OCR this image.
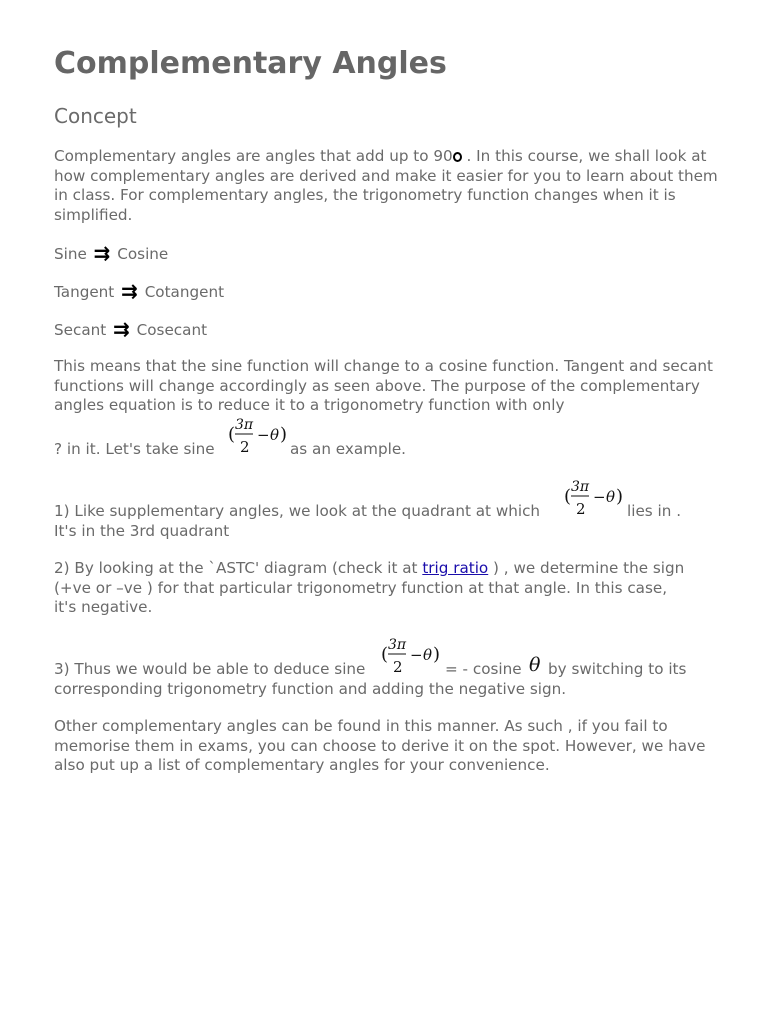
Complementary Angles
Concept

Complementary angles are angles that add up to 90 . In this course, we shall look at how complementary angles are derived and make it easier for you to learn about them in class. For complementary angles, the trigonometry function changes when it is simplified.

Sine ⇉ Cosine
Tangent ⇉ Cotangent
Secant ⇉ Cosecant

This means that the sine function will change to a cosine function. Tangent and secant functions will change accordingly as seen above. The purpose of the complementary angles equation is to reduce it to a trigonometry function with only

? in it. Let's take sine
( 3π
2
− θ )
as an example.
1) Like supplementary angles, we look at the quadrant at which
( 3π
2
− θ )
lies in .
It's in the 3rd quadrant
2) By looking at the `ASTC' diagram (check it at trig ratio ) , we determine the sign
(+ve or –ve ) for that particular trigonometry function at that angle. In this case,
it's negative.
3) Thus we would be able to deduce sine
( 3π
2
− θ )
= - cosine θ by switching to its
corresponding trigonometry function and adding the negative sign.

Other complementary angles can be found in this manner. As such , if you fail to memorise them in exams, you can choose to derive it on the spot. However, we have also put up a list of complementary angles for your convenience.
